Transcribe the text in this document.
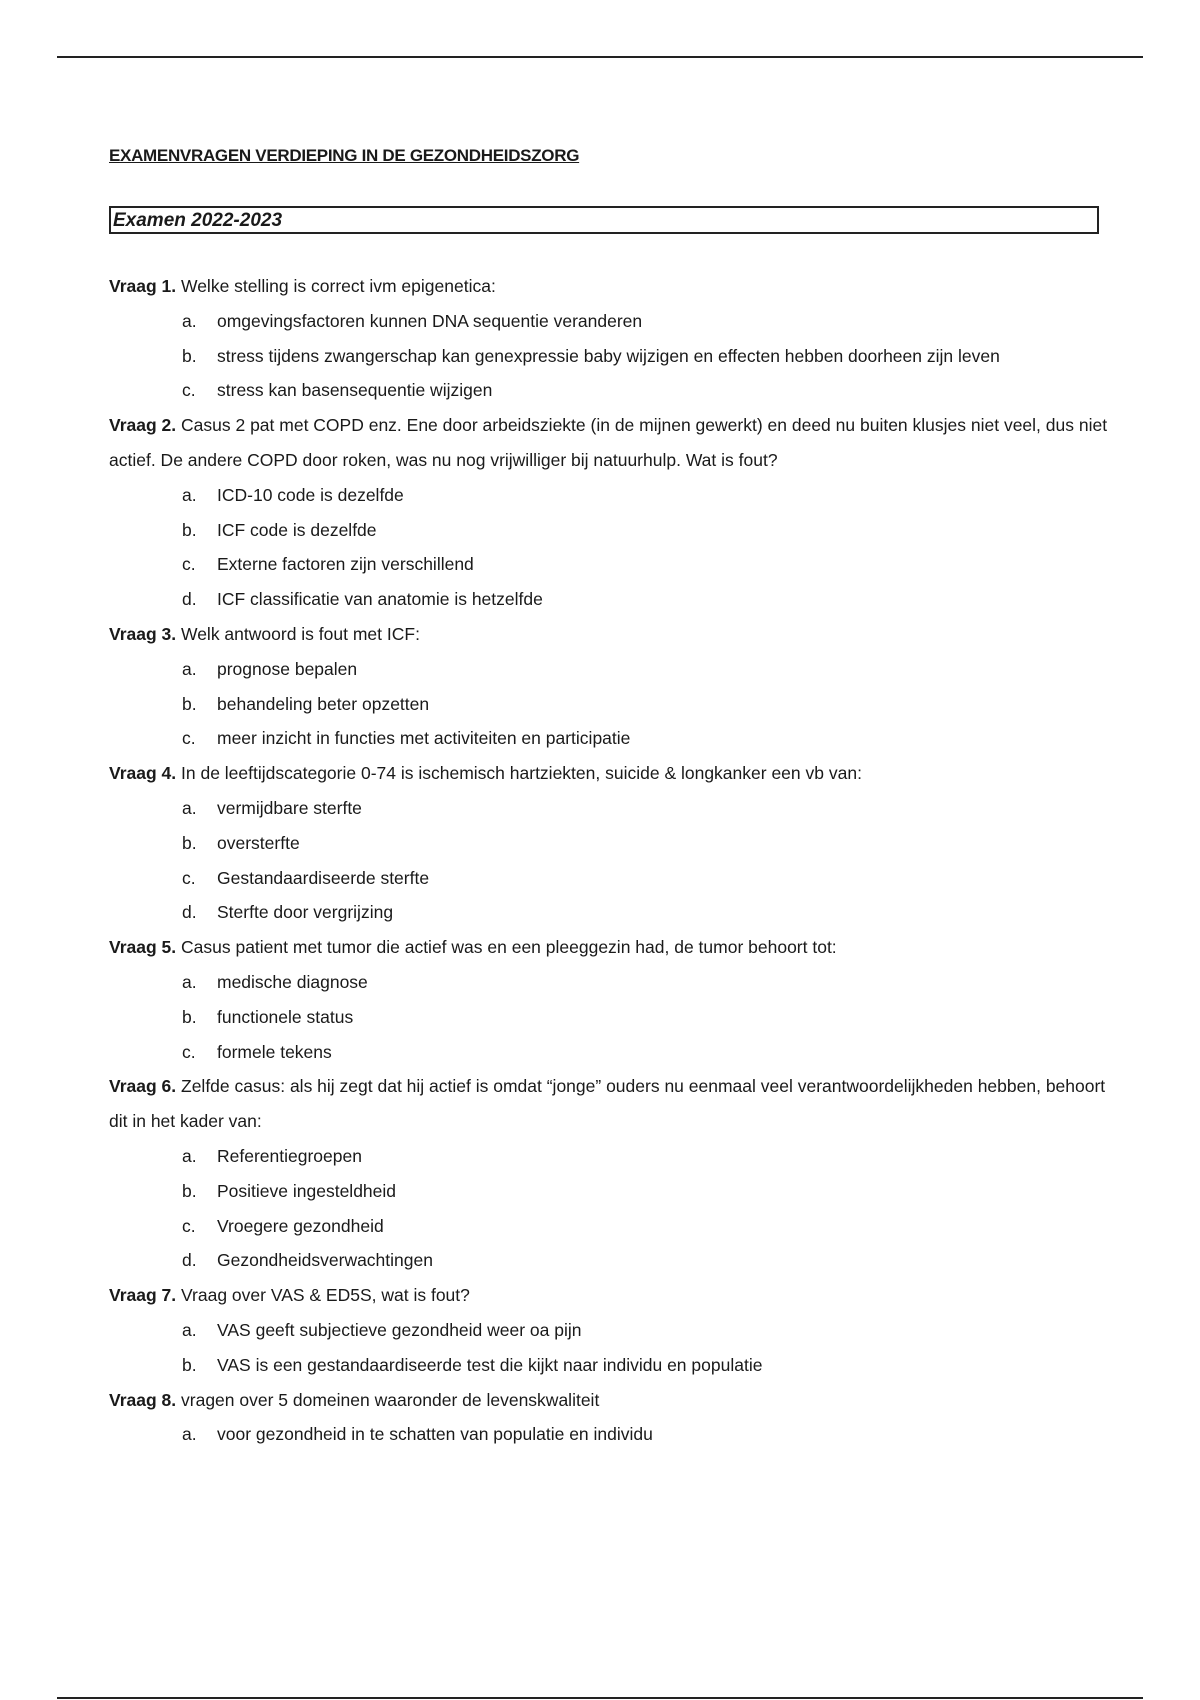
EXAMENVRAGEN VERDIEPING IN DE GEZONDHEIDSZORG
Examen 2022-2023

Vraag 1. Welke stelling is correct ivm epigenetica:

a.	omgevingsfactoren kunnen DNA sequentie veranderen
b.	stress tijdens zwangerschap kan genexpressie baby wijzigen en effecten hebben doorheen zijn leven
c.	stress kan basensequentie wijzigen

Vraag 2. Casus 2 pat met COPD enz. Ene door arbeidsziekte (in de mijnen gewerkt) en deed nu buiten klusjes niet veel, dus niet actief. De andere COPD door roken, was nu nog vrijwilliger bij natuurhulp. Wat is fout?

a.	ICD-10 code is dezelfde
b.	ICF code is dezelfde
c.	Externe factoren zijn verschillend
d.	ICF classificatie van anatomie is hetzelfde

Vraag 3. Welk antwoord is fout met ICF:

a.	prognose bepalen
b.	behandeling beter opzetten
c.	meer inzicht in functies met activiteiten en participatie

Vraag 4. In de leeftijdscategorie 0-74 is ischemisch hartziekten, suicide & longkanker een vb van:

a.	vermijdbare sterfte
b.	oversterfte
c.	Gestandaardiseerde sterfte
d.	Sterfte door vergrijzing

Vraag 5. Casus patient met tumor die actief was en een pleeggezin had, de tumor behoort tot:

a.	medische diagnose
b.	functionele status
c.	formele tekens

Vraag 6. Zelfde casus: als hij zegt dat hij actief is omdat “jonge” ouders nu eenmaal veel verantwoordelijkheden hebben, behoort dit in het kader van:

a.	Referentiegroepen
b.	Positieve ingesteldheid
c.	Vroegere gezondheid
d.	Gezondheidsverwachtingen

Vraag 7. Vraag over VAS & ED5S, wat is fout?

a.	VAS geeft subjectieve gezondheid weer oa pijn
b.	VAS is een gestandaardiseerde test die kijkt naar individu en populatie

Vraag 8. vragen over 5 domeinen waaronder de levenskwaliteit

a.	voor gezondheid in te schatten van populatie en individu
